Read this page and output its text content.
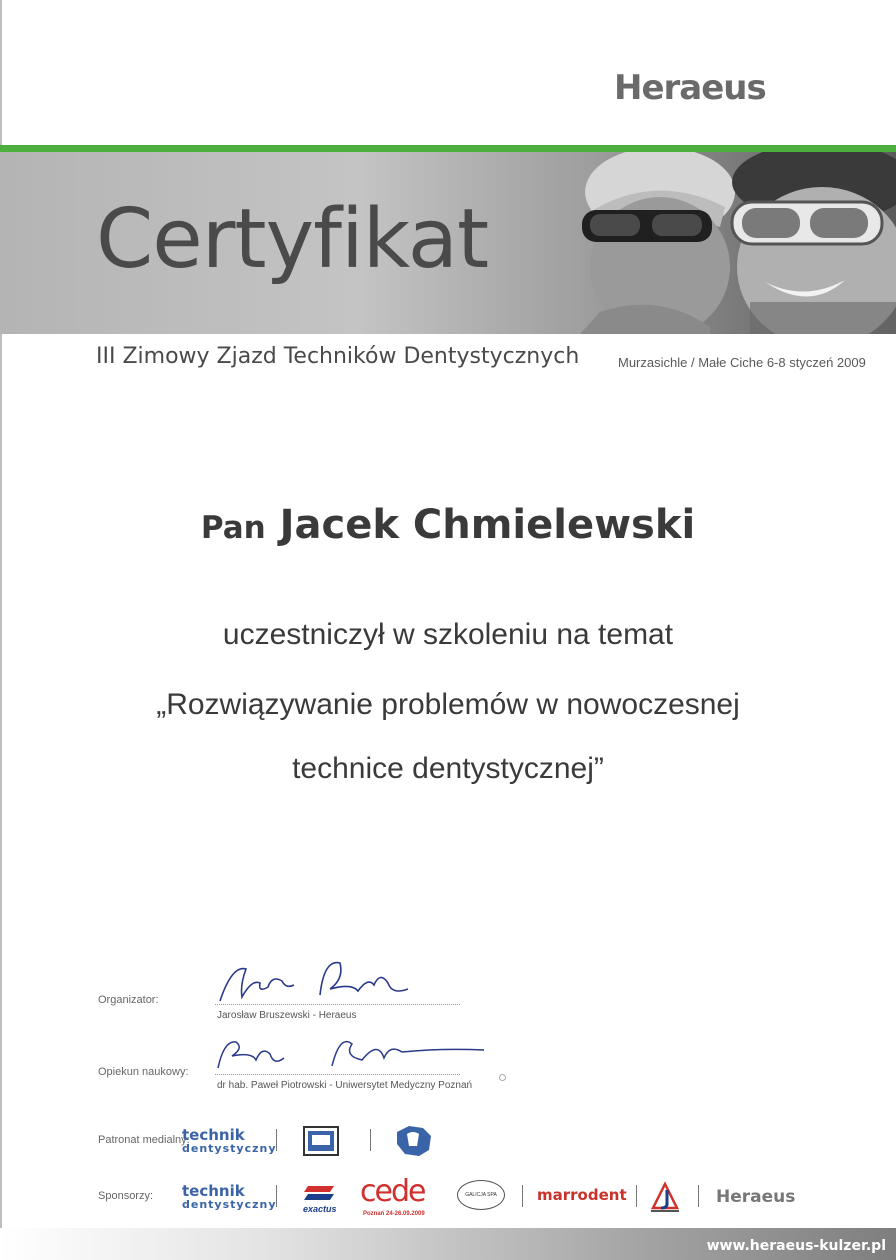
Heraeus
Certyfikat
III Zimowy Zjazd Techników Dentystycznych	Murzasichle / Małe Ciche 6-8 styczeń 2009
Pan Jacek Chmielewski
uczestniczył w szkoleniu na temat
„Rozwiązywanie problemów w nowoczesnej
technice dentystycznej”
Organizator:
Jarosław Bruszewski - Heraeus
Opiekun naukowy:
dr hab. Paweł Piotrowski - Uniwersytet Medyczny Poznań
Patronat medialny:
technik
dentystyczny
Sponsorzy: technik
dentystyczny	exactus cede
Poznań 24-26.09.2009
GALICJA SPA	marrodent	Heraeus
www.heraeus-kulzer.pl
